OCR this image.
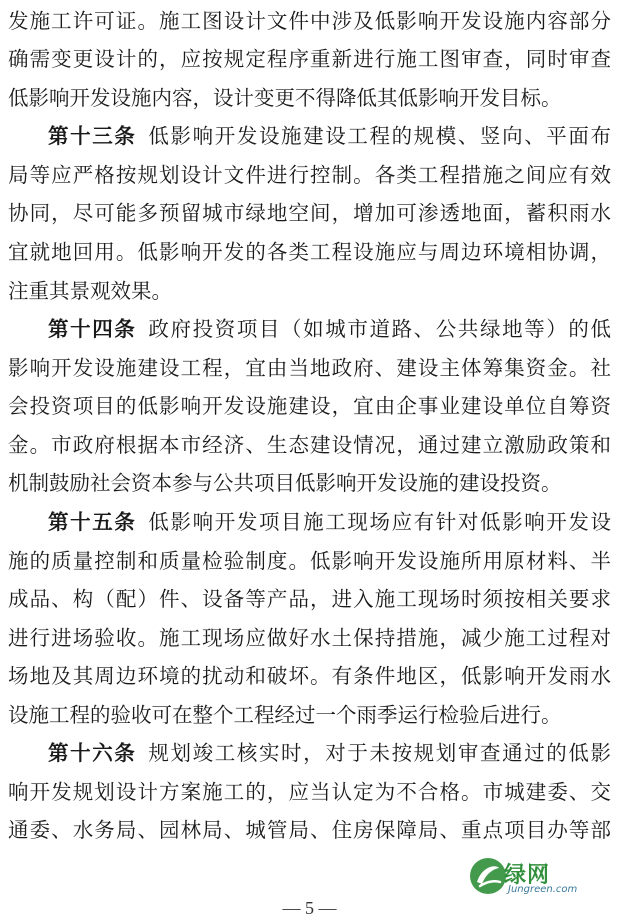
发施工许可证。施工图设计文件中涉及低影响开发设施内容部分
确需变更设计的，应按规定程序重新进行施工图审查，同时审查
低影响开发设施内容，设计变更不得降低其低影响开发目标。
第十三条 低影响开发设施建设工程的规模、竖向、平面布
局等应严格按规划设计文件进行控制。各类工程措施之间应有效
协同，尽可能多预留城市绿地空间，增加可渗透地面，蓄积雨水
宜就地回用。低影响开发的各类工程设施应与周边环境相协调，
注重其景观效果。
第十四条 政府投资项目（如城市道路、公共绿地等）的低
影响开发设施建设工程，宜由当地政府、建设主体筹集资金。社
会投资项目的低影响开发设施建设，宜由企事业建设单位自筹资
金。市政府根据本市经济、生态建设情况，通过建立激励政策和
机制鼓励社会资本参与公共项目低影响开发设施的建设投资。
第十五条 低影响开发项目施工现场应有针对低影响开发设
施的质量控制和质量检验制度。低影响开发设施所用原材料、半
成品、构（配）件、设备等产品，进入施工现场时须按相关要求
进行进场验收。施工现场应做好水土保持措施，减少施工过程对
场地及其周边环境的扰动和破坏。有条件地区，低影响开发雨水
设施工程的验收可在整个工程经过一个雨季运行检验后进行。
第十六条 规划竣工核实时，对于未按规划审查通过的低影
响开发规划设计方案施工的，应当认定为不合格。市城建委、交
通委、水务局、园林局、城管局、住房保障局、重点项目办等部
绿网
Jungreen.com
— 5 —
